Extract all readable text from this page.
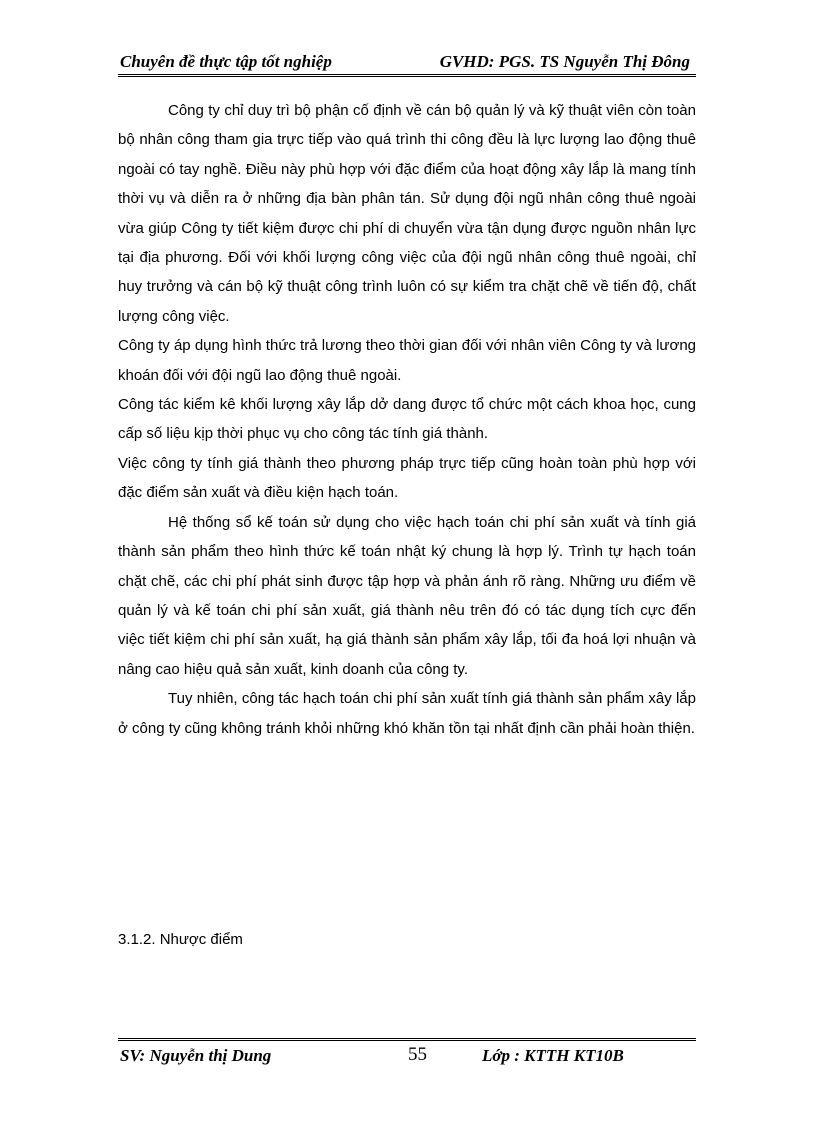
Chuyên đề thực tập tốt nghiệp	GVHD: PGS. TS Nguyễn Thị Đông

Công ty chỉ duy trì bộ phận cố định về cán bộ quản lý và kỹ thuật viên còn toàn bộ nhân công tham gia trực tiếp vào quá trình thi công đều là lực lượng lao động thuê ngoài có tay nghề. Điều này phù hợp với đặc điểm của hoạt động xây lắp là mang tính thời vụ và diễn ra ở những địa bàn phân tán. Sử dụng đội ngũ nhân công thuê ngoài vừa giúp Công ty tiết kiệm được chi phí di chuyển vừa tận dụng được nguồn nhân lực tại địa phương. Đối với khối lượng công việc của đội ngũ nhân công thuê ngoài, chỉ huy trưởng và cán bộ kỹ thuật công trình luôn có sự kiểm tra chặt chẽ về tiến độ, chất lượng công việc.

Công ty áp dụng hình thức trả lương theo thời gian đối với nhân viên Công ty và lương khoán đối với đội ngũ lao động thuê ngoài.

Công tác kiểm kê khối lượng xây lắp dở dang được tổ chức một cách khoa học, cung cấp số liệu kịp thời phục vụ cho công tác tính giá thành.

Việc công ty tính giá thành theo phương pháp trực tiếp cũng hoàn toàn phù hợp với đặc điểm sản xuất và điều kiện hạch toán.

Hệ thống sổ kế toán sử dụng cho việc hạch toán chi phí sản xuất và tính giá thành sản phẩm theo hình thức kế toán nhật ký chung là hợp lý. Trình tự hạch toán chặt chẽ, các chi phí phát sinh được tập hợp và phản ánh rõ ràng. Những ưu điểm về quản lý và kế toán chi phí sản xuất, giá thành nêu trên đó có tác dụng tích cực đến việc tiết kiệm chi phí sản xuất, hạ giá thành sản phẩm xây lắp, tối đa hoá lợi nhuận và nâng cao hiệu quả sản xuất, kinh doanh của công ty.

Tuy nhiên, công tác hạch toán chi phí sản xuất tính giá thành sản phẩm xây lắp ở công ty cũng không tránh khỏi những khó khăn tồn tại nhất định cần phải hoàn thiện.

3.1.2. Nhược điểm
SV: Nguyễn thị Dung	55	Lớp : KTTH KT10B
